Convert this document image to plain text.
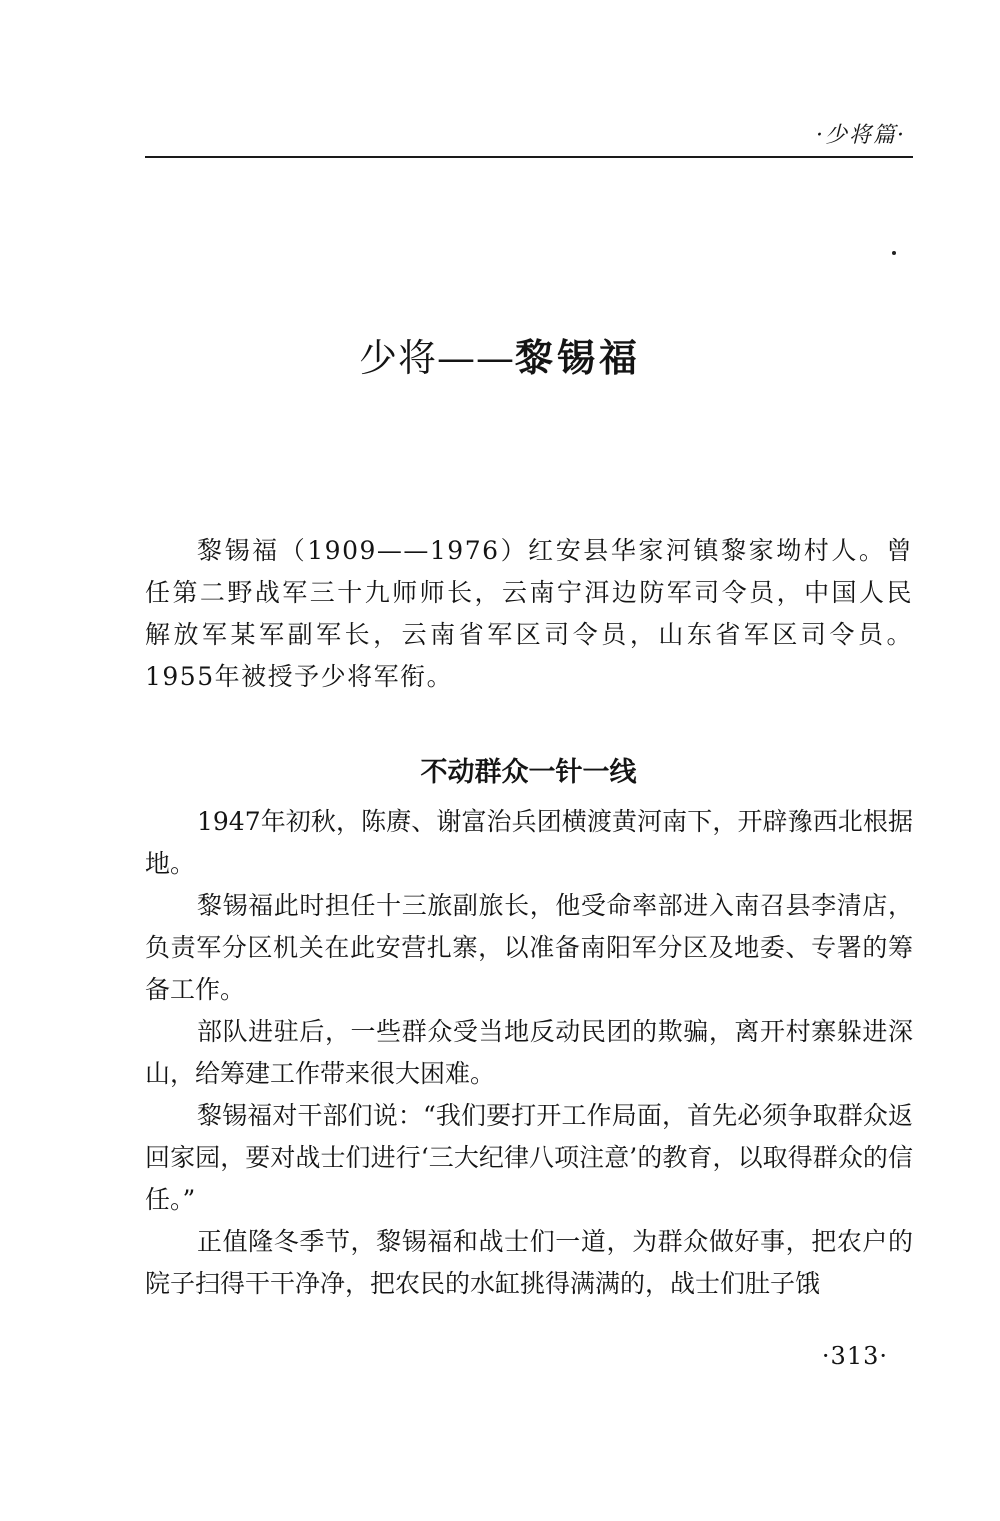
·少将篇·
少将——黎锡福

黎锡福（1909——1976）红安县华家河镇黎家坳村人。曾任第二野战军三十九师师长，云南宁洱边防军司令员，中国人民解放军某军副军长，云南省军区司令员，山东省军区司令员。1955年被授予少将军衔。

不动群众一针一线

1947年初秋，陈赓、谢富治兵团横渡黄河南下，开辟豫西北根据地。

黎锡福此时担任十三旅副旅长，他受命率部进入南召县李清店，负责军分区机关在此安营扎寨，以准备南阳军分区及地委、专署的筹备工作。

部队进驻后，一些群众受当地反动民团的欺骗，离开村寨躲进深山，给筹建工作带来很大困难。

黎锡福对干部们说：“我们要打开工作局面，首先必须争取群众返回家园，要对战士们进行‘三大纪律八项注意’的教育，以取得群众的信任。”

正值隆冬季节，黎锡福和战士们一道，为群众做好事，把农户的院子扫得干干净净，把农民的水缸挑得满满的，战士们肚子饿

·313·
